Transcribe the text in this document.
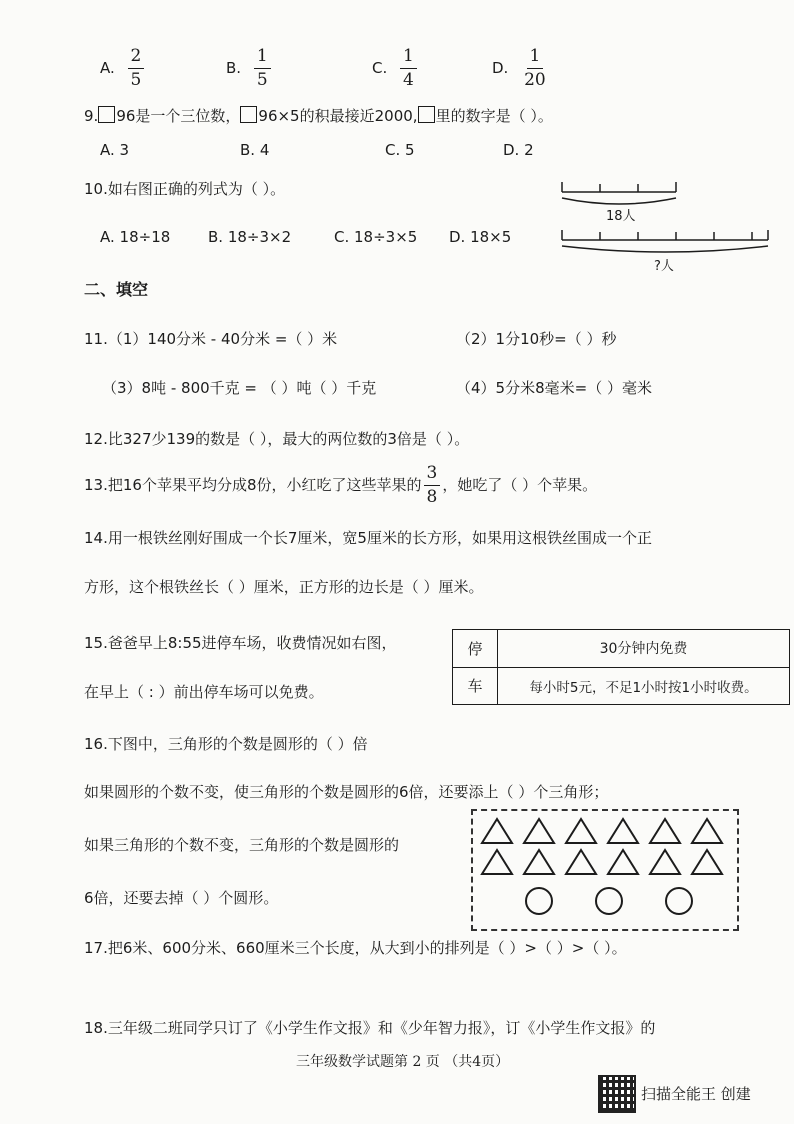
A. $\frac{2}{5}$	B. $\frac{1}{5}$	C. $\frac{1}{4}$	D. $\frac{1}{20}$
9. 96是一个三位数， 96×5的积最接近2000, 里的数字是（ ）。
A. 3	B. 4	C. 5	D. 2
10.如右图正确的列式为（ ）。
A. 18÷18	B. 18÷3×2	C. 18÷3×5 D. 18×5
18人
?人
二、填空
11.（1）140分米 - 40分米 =（ ）米	（2）1分10秒=（ ）秒
（3）8吨 - 800千克 = （ ）吨（ ）千克	（4）5分米8毫米=（ ）毫米
12.比327少139的数是（ ），最大的两位数的3倍是（ ）。
13.把16个苹果平均分成8份，小红吃了这些苹果的 $\frac{3}{8}$ ，她吃了（ ）个苹果。
14.用一根铁丝刚好围成一个长7厘米，宽5厘米的长方形，如果用这根铁丝围成一个正
方形，这个根铁丝长（ ）厘米，正方形的边长是（ ）厘米。
15.爸爸早上8:55进停车场，收费情况如右图，
在早上（ : ）前出停车场可以免费。
停	30分钟内免费
车	每小时5元，不足1小时按1小时收费。
16.下图中，三角形的个数是圆形的（ ）倍
如果圆形的个数不变，使三角形的个数是圆形的6倍，还要添上（ ）个三角形；
如果三角形的个数不变，三角形的个数是圆形的
6倍，还要去掉（ ）个圆形。
17.把6米、600分米、660厘米三个长度，从大到小的排列是（ ）>（ ）>（ ）。
18.三年级二班同学只订了《小学生作文报》和《少年智力报》，订《小学生作文报》的
三年级数学试题第 2 页 （共4页）
扫描全能王 创建
